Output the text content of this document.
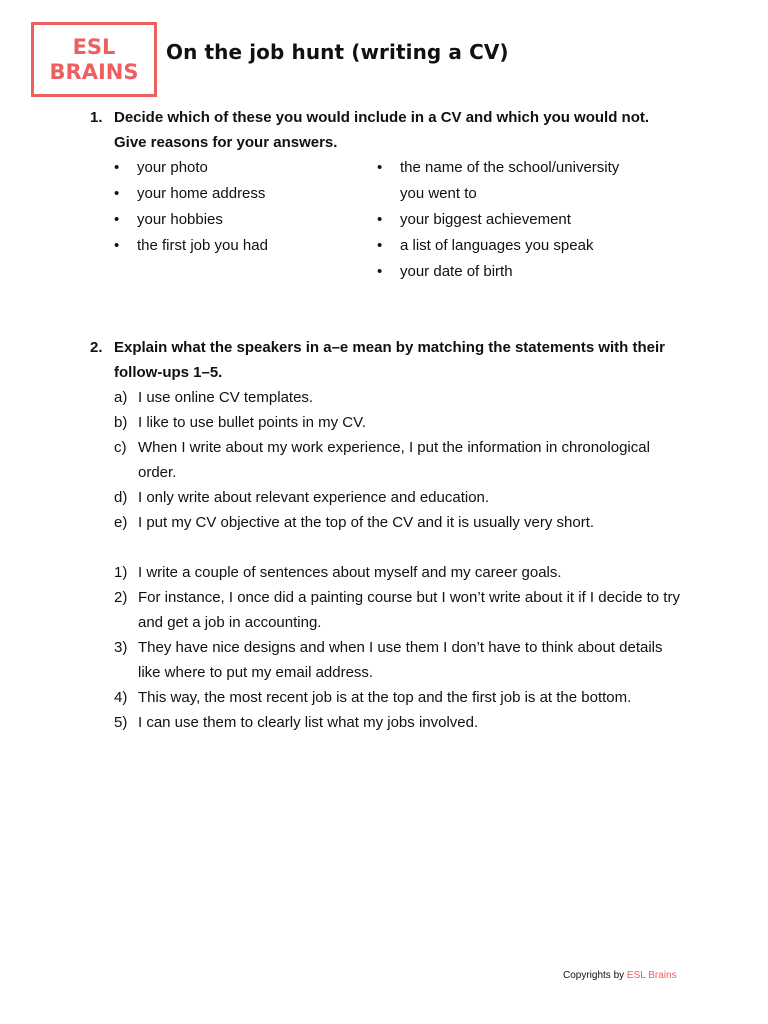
ESL
BRAINS
On the job hunt (writing a CV)
1. Decide which of these you would include in a CV and which you would not. Give reasons for your answers.
•	your photo
•	your home address
•	your hobbies
•	the first job you had
•	the name of the school/university you went to
•	your biggest achievement
•	a list of languages you speak
•	your date of birth
2. Explain what the speakers in a–e mean by matching the statements with their follow-ups 1–5.
a) I use online CV templates.
b) I like to use bullet points in my CV.
c) When I write about my work experience, I put the information in chronological order.
d) I only write about relevant experience and education.
e) I put my CV objective at the top of the CV and it is usually very short.
1) I write a couple of sentences about myself and my career goals.
2) For instance, I once did a painting course but I won’t write about it if I decide to try and get a job in accounting.
3) They have nice designs and when I use them I don’t have to think about details like where to put my email address.
4) This way, the most recent job is at the top and the first job is at the bottom.
5) I can use them to clearly list what my jobs involved.
Copyrights by ESL Brains
